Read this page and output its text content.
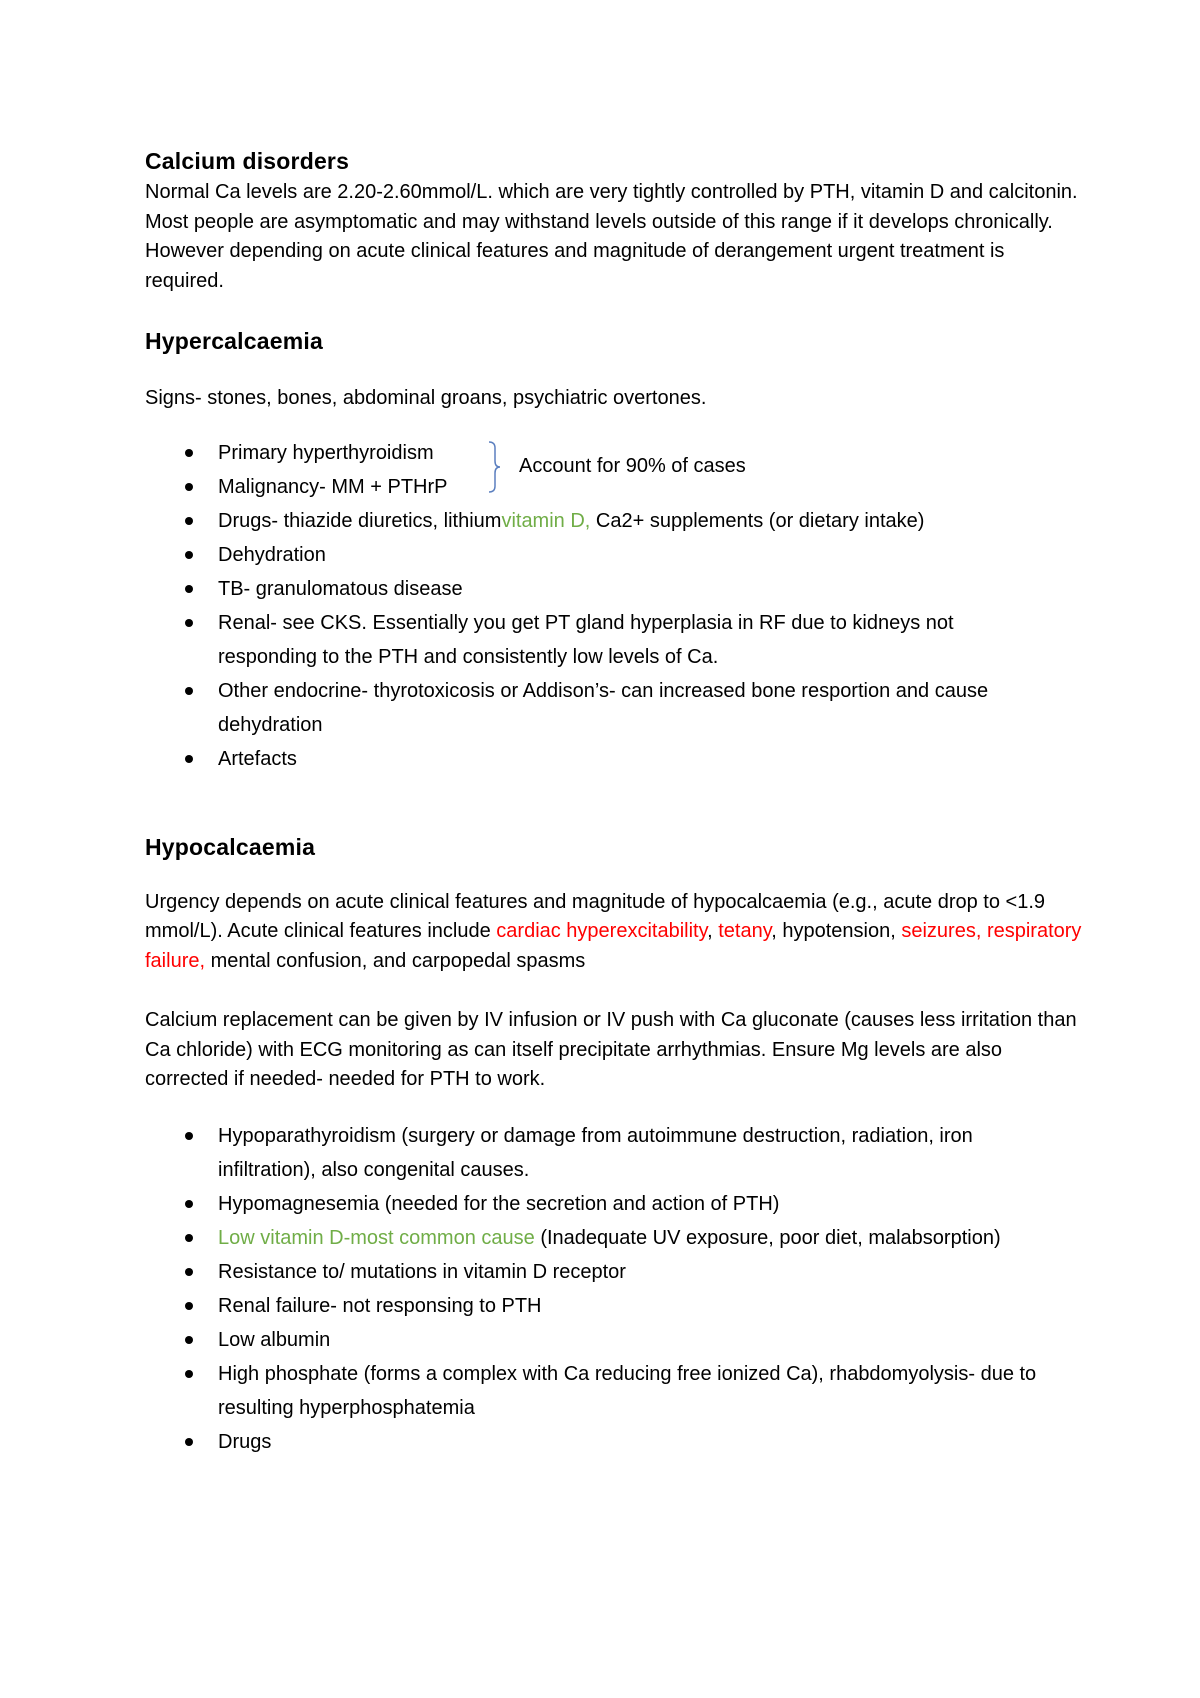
Calcium disorders

Normal Ca levels are 2.20-2.60mmol/L. which are very tightly controlled by PTH, vitamin D and calcitonin. Most people are asymptomatic and may withstand levels outside of this range if it develops chronically. However depending on acute clinical features and magnitude of derangement urgent treatment is required.

Hypercalcaemia

Signs- stones, bones, abdominal groans, psychiatric overtones.

Account for 90% of cases
Primary hyperthyroidism
Malignancy- MM + PTHrP
Drugs- thiazide diuretics, lithiumvitamin D, Ca2+ supplements (or dietary intake)
Dehydration
TB- granulomatous disease
Renal- see CKS. Essentially you get PT gland hyperplasia in RF due to kidneys not responding to the PTH and consistently low levels of Ca.
Other endocrine- thyrotoxicosis or Addison’s- can increased bone resportion and cause dehydration
Artefacts
Hypocalcaemia

Urgency depends on acute clinical features and magnitude of hypocalcaemia (e.g., acute drop to <1.9 mmol/L). Acute clinical features include cardiac hyperexcitability, tetany, hypotension, seizures, respiratory failure, mental confusion, and carpopedal spasms

Calcium replacement can be given by IV infusion or IV push with Ca gluconate (causes less irritation than Ca chloride) with ECG monitoring as can itself precipitate arrhythmias. Ensure Mg levels are also corrected if needed- needed for PTH to work.

Hypoparathyroidism (surgery or damage from autoimmune destruction, radiation, iron infiltration), also congenital causes.
Hypomagnesemia (needed for the secretion and action of PTH)
Low vitamin D-most common cause (Inadequate UV exposure, poor diet, malabsorption)
Resistance to/ mutations in vitamin D receptor
Renal failure- not responsing to PTH
Low albumin
High phosphate (forms a complex with Ca reducing free ionized Ca), rhabdomyolysis- due to resulting hyperphosphatemia
Drugs
